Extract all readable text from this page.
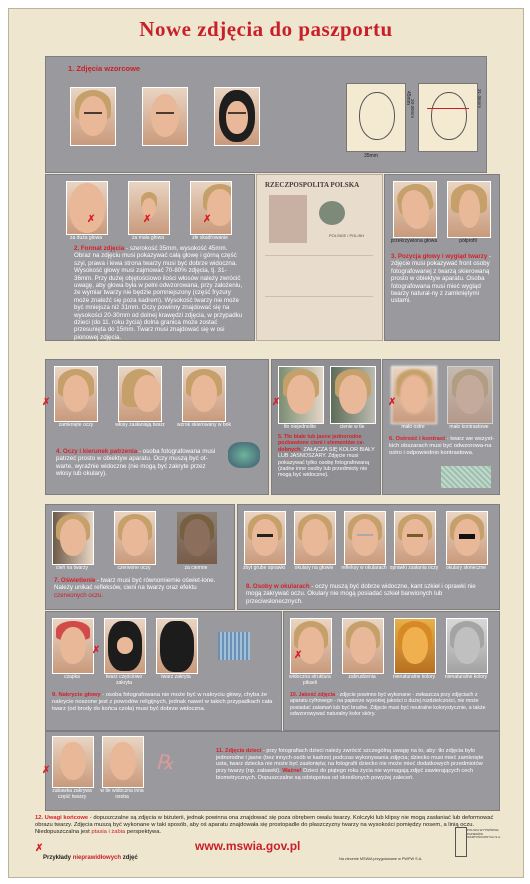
Nowe zdjęcia do paszportu
1. Zdjęcia wzorcowe
45mm
35mm
20-30mm
31-36mm
za duża głowa	za mała głowa	złe skadrowanie
2. Format zdjęcia - szerokość 35mm, wysokość 45mm. Obraz na zdjęciu musi pokazywać całą głowę i górną część szyi, prawa i lewa strona twarzy musi być dobrze widoczna. Wysokość głowy musi zajmować 70-80% zdjęcia, tj. 31-36mm. Przy dużej objętościowo ilości włosów należy zwrócić uwagę, aby głowa była w pełni odwzorowana, przy założeniu, że wymiar twarzy nie będzie pomniejszony (część fryzury może znaleźć się poza kadrem). Wysokość twarzy nie może być mniejsza niż 31mm. Oczy powinny znajdować się na wysokości 20-30mm od dolnej krawędzi zdjęcia, w przypadku dzieci (do 11. roku życia) dolna granica może zostać przesunięta do 15mm. Twarz musi znajdować się w osi pionowej zdjęcia.
RZECZPOSPOLITA POLSKA
POLSKIE / POLISH
przekrzywiona głowa	półprofil
3. Pozycja głowy i wygląd twarzy - zdjęcie musi pokazywać front osoby fotografowanej z twarzą skierowaną prosto w obiektyw aparatu. Osoba fotografowana musi mieć wygląd twarzy natural-ny z zamkniętymi ustami.
zamknięte oczy	włosy zasłaniają twarz	wzrok skierowany w bok
4. Oczy i kierunek patrzenia - osoba fotografowana musi patrzeć prosto w obiektyw aparatu. Oczy muszą być ot-warte, wyraźnie widoczne (nie mogą być zakryte przez włosy lub okulary).
tło niejednolite	cienie w tle
5. Tło białe lub jasne jednorodne pozbawione cieni i elementów ce-dobnych. ZAŁĄCZA SIĘ KOLOR BIAŁY LUB JASNOSZARY. Zdjęcie musi pokazywać tylko osobę fotografowaną (żadne inne osoby lub przedmioty nie mogą być widoczne).
mało ostre	mało kontrastowe
6. Ostrość i kontrast - twarz we wszyst-kich obszarach musi być odwzorowa-na ostro i odpowiednio kontrastowa.
cień na twarzy	czerwone oczy	za ciemne
7. Oświetlenie - twarz musi być równomiernie oświet-lone. Należy unikać refleksów, cieni na twarzy oraz efektu czerwonych oczu.
zbyt grube oprawki	okulary na głowie	refleksy w okularach oprawki zasłania oczy	okulary słoneczne
8. Osoby w okularach - oczy muszą być dobrze widoczne, kant szkieł i oprawki nie mogą zakrywać oczu. Okulary nie mogą posiadać szkieł barwionych lub przeciwsłonecznych.
czapka	twarz częściowo zakryta
twarz zakryta
9. Nakrycie głowy - osoba fotografowana nie może być w nakryciu głowy, chyba że nakrycie noszone jest z powodów religijnych, jednak nawet w takich przypadkach cała twarz (od brody do końca czoła) musi być dobrze widoczna.
widoczna struktura pikseli
zabrudzenia	nienaturalne kolory	nienaturalne kolory
10. Jakość zdjęcia - zdjęcie powinno być wykonane - zwłaszcza przy zdjęciach z aparatu cyfrowego - na papierze wysokiej jakości o dużej rozdzielczości, nie może posiadać załamań lub być brudne. Zdjęcie musi być neutralne kolorystycznie, a także odwzorowywać naturalny kolor skóry.
zabawka zakrywa część twarzy
w tle widoczna inna osoba
℞
11. Zdjęcia dzieci - przy fotografiach dzieci należy zwrócić szczególną uwagę na to, aby: tło zdjęcia było jednorodne i jasne (bez innych osób w kadrze) podczas wykonywania zdjęcia; dziecko musi mieć zamknięte usta, twarz dziecka nie może być zasłonięta; na fotografii dziecko nie może mieć dodatkowych przedmiotów przy twarzy (np. zabawki). Ważne! Dzieci do piątego roku życia nie wymagają zdjęć zawierających cech biometrycznych. Dopuszczalne są odstępstwa od określonych powyżej zaleceń.
12. Uwagi końcowe - dopuszczalne są zdjęcia w biżuterii, jednak powinna ona znajdować się poza obrębem owalu twarzy. Kolczyki lub klipsy nie mogą zasłaniać lub deformować obrazu twarzy. Zdjęcia muszą być wykonane w taki sposób, aby oś aparatu znajdowała się prostopadle do płaszczyzny twarzy na wysokości pomiędzy nosem, a linią oczu. Niedopuszczalna jest ptasia i żabia perspektywa.
✗
Przykłady nieprawidłowych zdjęć
www.mswia.gov.pl
Na zlecenie MSWiA przygotowane w PWPW S.A.
POLSKA WYTWÓRNIA PAPIERÓW WARTOŚCIOWYCH S.A.
✗	✗	✗
✗	✗	✗
✗	✗
✗
